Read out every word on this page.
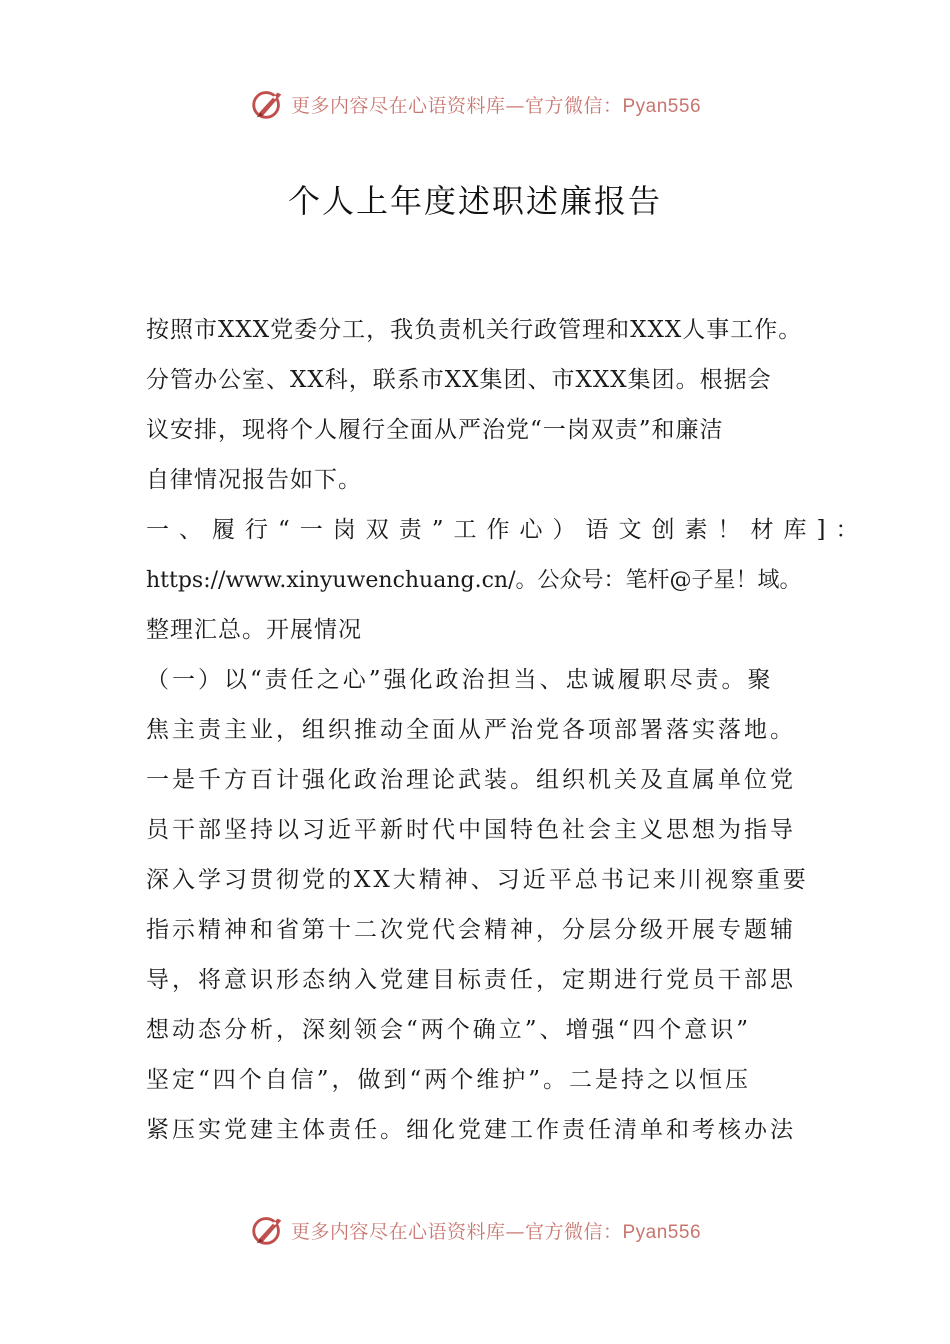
更多内容尽在心语资料库—官方微信：Pyan556
个人上年度述职述廉报告
按照市XXX党委分工，我负责机关行政管理和XXX人事工作。
分管办公室、XX科，联系市XX集团、市XXX集团。根据会
议安排，现将个人履行全面从严治党“一岗双责”和廉洁
自律情况报告如下。
一、履行“一岗双责”工作心）语文创素！材库]：
https://www.xinyuwenchuang.cn/。公众号：笔杆@子星！域。
整理汇总。开展情况
（一）以“责任之心”强化政治担当、忠诚履职尽责。聚
焦主责主业，组织推动全面从严治党各项部署落实落地。
一是千方百计强化政治理论武装。组织机关及直属单位党
员干部坚持以习近平新时代中国特色社会主义思想为指导
深入学习贯彻党的XX大精神、习近平总书记来川视察重要
指示精神和省第十二次党代会精神，分层分级开展专题辅
导，将意识形态纳入党建目标责任，定期进行党员干部思
想动态分析，深刻领会“两个确立”、增强“四个意识”
坚定“四个自信”，做到“两个维护”。二是持之以恒压
紧压实党建主体责任。细化党建工作责任清单和考核办法
更多内容尽在心语资料库—官方微信：Pyan556
